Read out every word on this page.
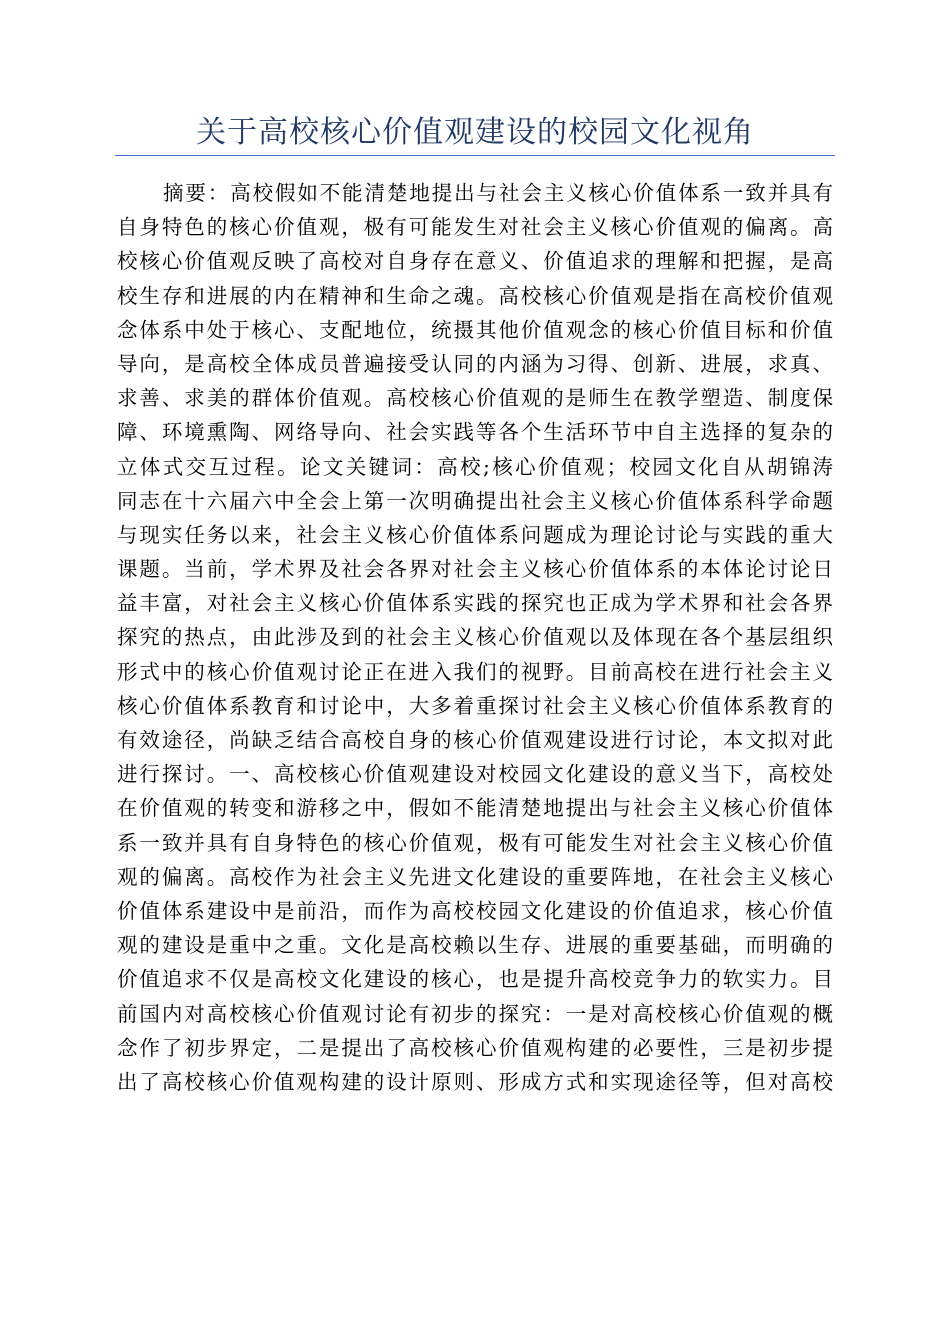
关于高校核心价值观建设的校园文化视角
摘要：高校假如不能清楚地提出与社会主义核心价值体系一致并具有
自身特色的核心价值观，极有可能发生对社会主义核心价值观的偏离。高
校核心价值观反映了高校对自身存在意义、价值追求的理解和把握，是高
校生存和进展的内在精神和生命之魂。高校核心价值观是指在高校价值观
念体系中处于核心、支配地位，统摄其他价值观念的核心价值目标和价值
导向，是高校全体成员普遍接受认同的内涵为习得、创新、进展，求真、
求善、求美的群体价值观。高校核心价值观的是师生在教学塑造、制度保
障、环境熏陶、网络导向、社会实践等各个生活环节中自主选择的复杂的
立体式交互过程。论文关键词：高校;核心价值观；校园文化自从胡锦涛
同志在十六届六中全会上第一次明确提出社会主义核心价值体系科学命题
与现实任务以来，社会主义核心价值体系问题成为理论讨论与实践的重大
课题。当前，学术界及社会各界对社会主义核心价值体系的本体论讨论日
益丰富，对社会主义核心价值体系实践的探究也正成为学术界和社会各界
探究的热点，由此涉及到的社会主义核心价值观以及体现在各个基层组织
形式中的核心价值观讨论正在进入我们的视野。目前高校在进行社会主义
核心价值体系教育和讨论中，大多着重探讨社会主义核心价值体系教育的
有效途径，尚缺乏结合高校自身的核心价值观建设进行讨论，本文拟对此
进行探讨。一、高校核心价值观建设对校园文化建设的意义当下，高校处
在价值观的转变和游移之中，假如不能清楚地提出与社会主义核心价值体
系一致并具有自身特色的核心价值观，极有可能发生对社会主义核心价值
观的偏离。高校作为社会主义先进文化建设的重要阵地，在社会主义核心
价值体系建设中是前沿，而作为高校校园文化建设的价值追求，核心价值
观的建设是重中之重。文化是高校赖以生存、进展的重要基础，而明确的
价值追求不仅是高校文化建设的核心，也是提升高校竞争力的软实力。目
前国内对高校核心价值观讨论有初步的探究：一是对高校核心价值观的概
念作了初步界定，二是提出了高校核心价值观构建的必要性，三是初步提
出了高校核心价值观构建的设计原则、形成方式和实现途径等，但对高校
